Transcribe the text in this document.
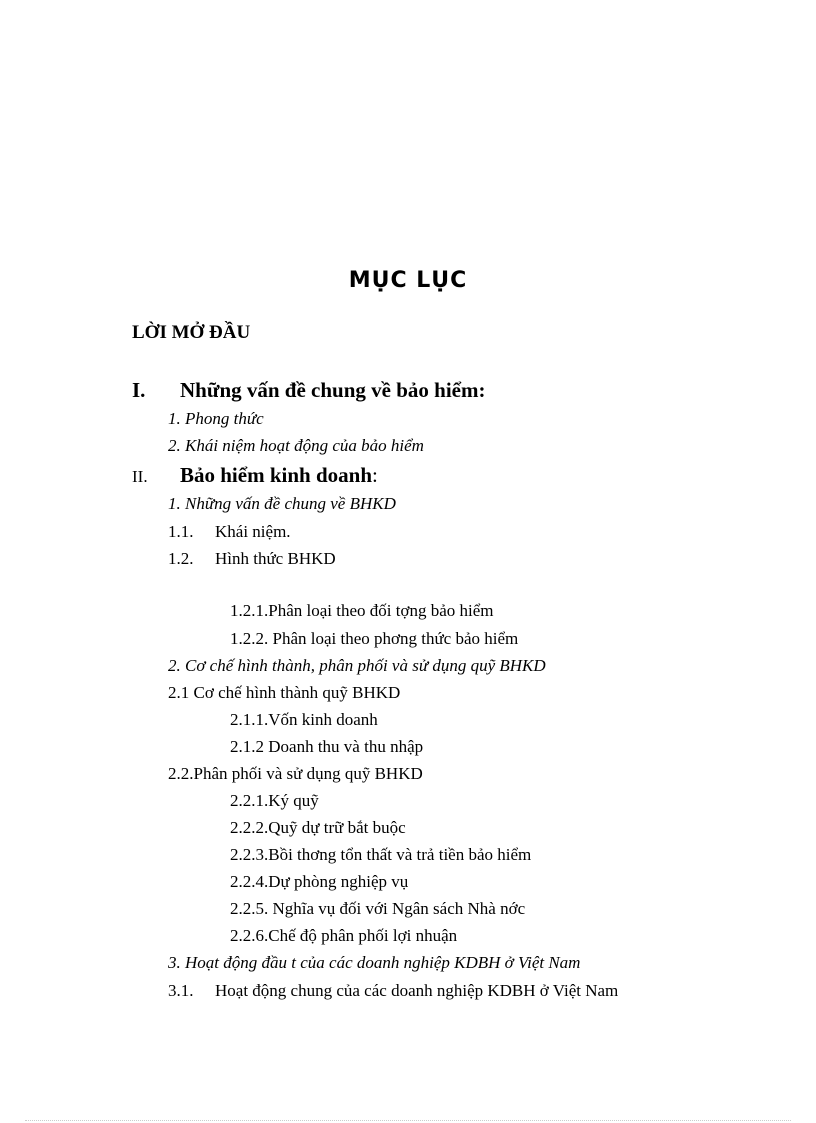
MỤC LỤC
LỜI MỞ ĐẦU
I. Những vấn đề chung về bảo hiểm:
1. Phong thức
2. Khái niệm hoạt động của bảo hiểm
II. Bảo hiểm kinh doanh:
1. Những vấn đề chung về BHKD
1.1. Khái niệm.
1.2. Hình thức BHKD
1.2.1.Phân loại theo đối tợng bảo hiểm
1.2.2. Phân loại theo phơng thức bảo hiểm
2. Cơ chế hình thành, phân phối và sử dụng quỹ BHKD
2.1 Cơ chế hình thành quỹ BHKD
2.1.1.Vốn kinh doanh
2.1.2 Doanh thu và thu nhập
2.2.Phân phối và sử dụng quỹ BHKD
2.2.1.Ký quỹ
2.2.2.Quỹ dự trữ bắt buộc
2.2.3.Bồi thơng tổn thất và trả tiền bảo hiểm
2.2.4.Dự phòng nghiệp vụ
2.2.5. Nghĩa vụ đối với Ngân sách Nhà nớc
2.2.6.Chế độ phân phối lợi nhuận
3. Hoạt động đầu t của các doanh nghiệp KDBH ở Việt Nam
3.1. Hoạt động chung của các doanh nghiệp KDBH ở Việt Nam
